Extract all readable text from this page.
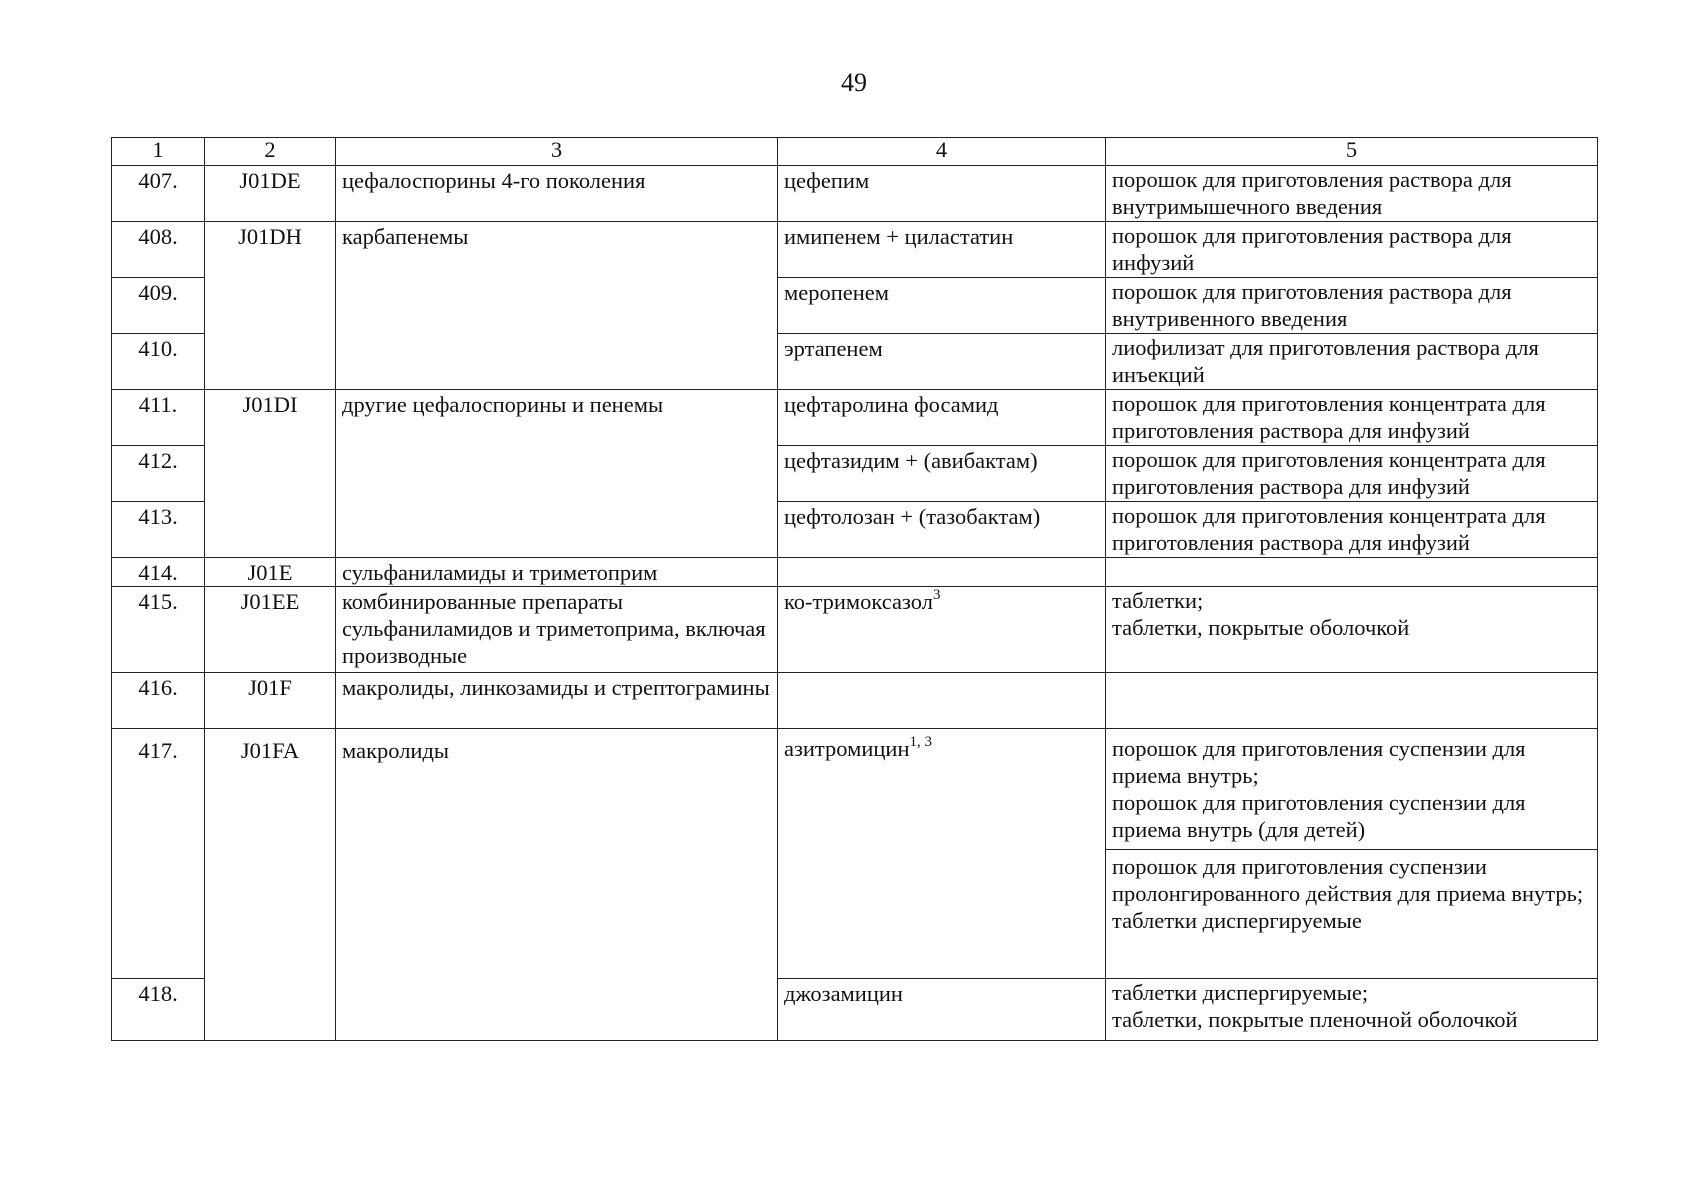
49
1	2	3	4	5
407.	J01DE	цефалоспорины 4-го поколения	цефепим	порошок для приготовления раствора для внутримышечного введения

408.	J01DH	карбапенемы	имипенем + циластатин	порошок для приготовления раствора для инфузий

409.			меропенем	порошок для приготовления раствора для внутривенного введения

410.			эртапенем	лиофилизат для приготовления раствора для инъекций

411.	J01DI	другие цефалоспорины и пенемы	цефтаролина фосамид	порошок для приготовления концентрата для приготовления раствора для инфузий

412.			цефтазидим + (авибактам)	порошок для приготовления концентрата для приготовления раствора для инфузий

413.			цефтолозан + (тазобактам)	порошок для приготовления концентрата для приготовления раствора для инфузий

414.	J01E	сульфаниламиды и триметоприм		
415.	J01EE	комбинированные препараты сульфаниламидов и триметоприма, включая производные	ко-тримоксазол$^3$	таблетки;
таблетки, покрытые оболочкой

416.	J01F	макролиды, линкозамиды и стрептограмины		
417.	J01FA	макролиды	азитромицин$^{1, 3}$	порошок для приготовления суспензии для приема внутрь;
порошок для приготовления суспензии для приема внутрь (для детей)
порошок для приготовления суспензии пролонгированного действия для приема внутрь;
таблетки диспергируемые

418.			джозамицин	таблетки диспергируемые;
таблетки, покрытые пленочной оболочкой
